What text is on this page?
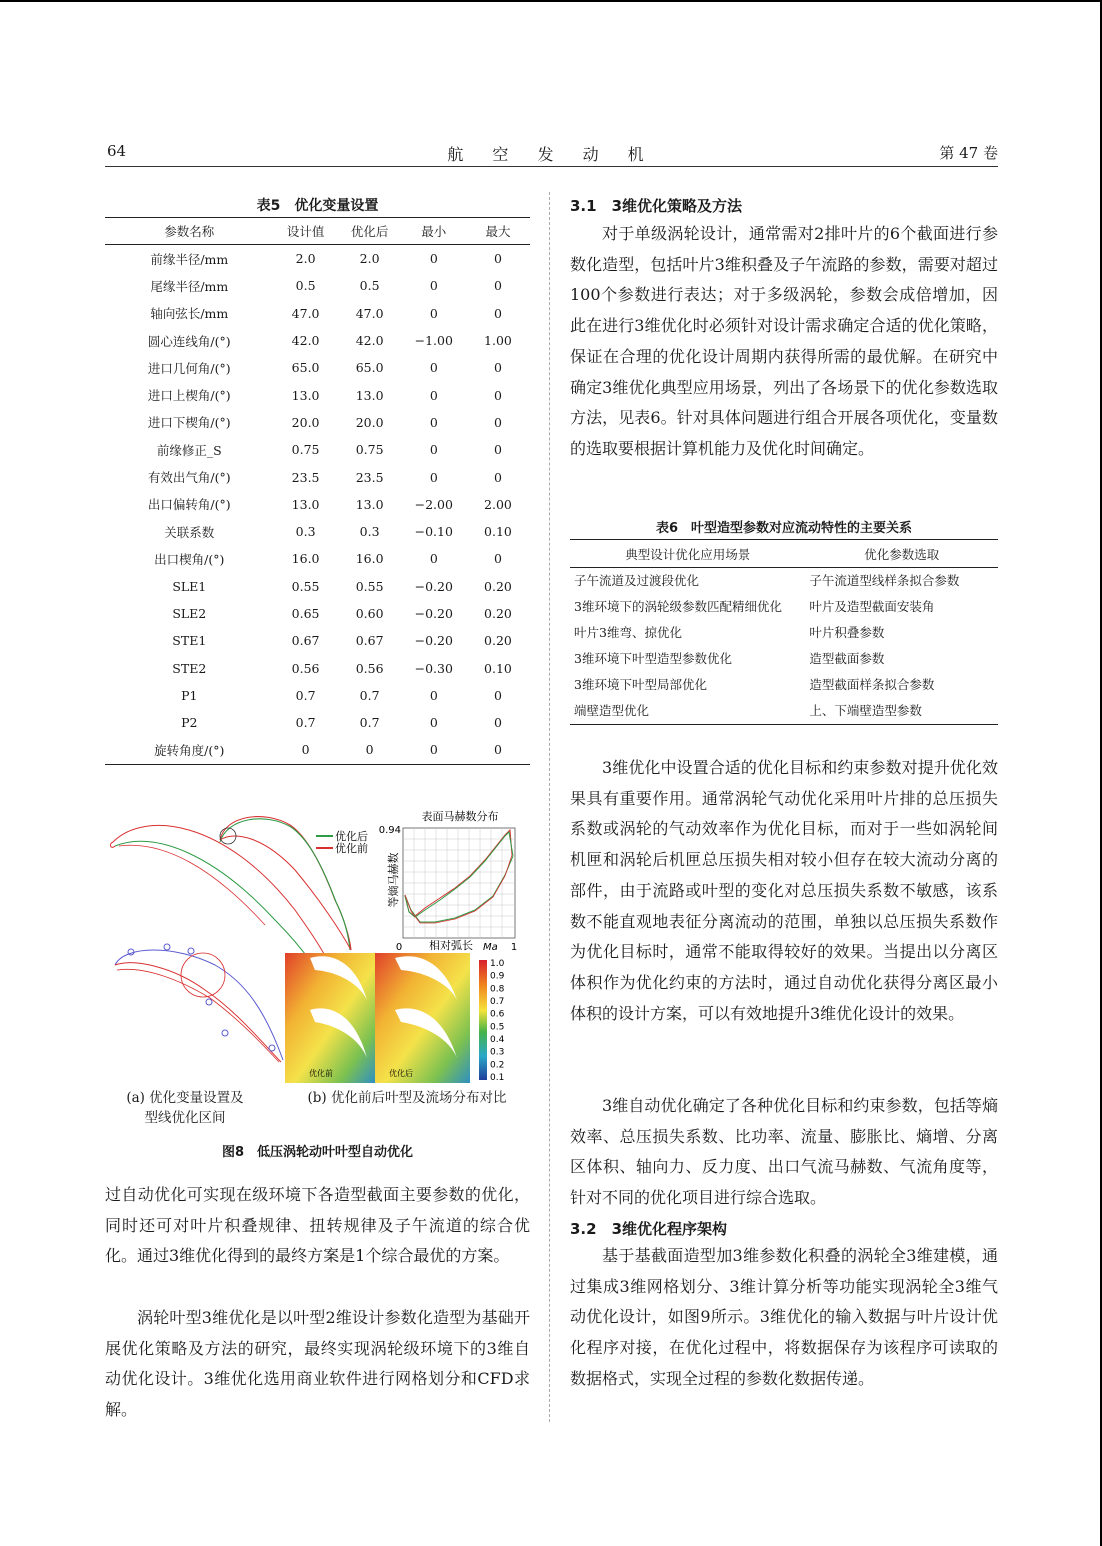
64	航 空 发 动 机	第 47 卷
表5　优化变量设置
参数名称	设计值	优化后	最小	最大
前缘半径/mm	2.0	2.0	0	0
尾缘半径/mm	0.5	0.5	0	0
轴向弦长/mm	47.0	47.0	0	0
圆心连线角/(°)	42.0	42.0	−1.00	1.00
进口几何角/(°)	65.0	65.0	0	0
进口上楔角/(°)	13.0	13.0	0	0
进口下楔角/(°)	20.0	20.0	0	0
前缘修正_S	0.75	0.75	0	0
有效出气角/(°)	23.5	23.5	0	0
出口偏转角/(°)	13.0	13.0	−2.00	2.00
关联系数	0.3	0.3	−0.10	0.10
出口楔角/(°)	16.0	16.0	0	0
SLE1	0.55	0.55	−0.20	0.20
SLE2	0.65	0.60	−0.20	0.20
STE1	0.67	0.67	−0.20	0.20
STE2	0.56	0.56	−0.30	0.10
P1	0.7	0.7	0	0
P2	0.7	0.7	0	0
旋转角度/(°)	0	0	0	0
优化后
优化前
表面马赫数分布
0.94
等熵马赫数
0 相对弧长	1
优化前	优化后
Ma
1.0
0.9
0.8
0.7
0.6
0.5
0.4
0.3
0.2
0.1
(a) 优化变量设置及
型线优化区间
(b) 优化前后叶型及流场分布对比
图8　低压涡轮动叶叶型自动优化
过自动优化可实现在级环境下各造型截面主要参数的优化，同时还可对叶片积叠规律、扭转规律及子午流道的综合优化。通过3维优化得到的最终方案是1个综合最优的方案。
涡轮叶型3维优化是以叶型2维设计参数化造型为基础开展优化策略及方法的研究，最终实现涡轮级环境下的3维自动优化设计。3维优化选用商业软件进行网格划分和CFD求解。
3.1　3维优化策略及方法
对于单级涡轮设计，通常需对2排叶片的6个截面进行参数化造型，包括叶片3维积叠及子午流路的参数，需要对超过100个参数进行表达；对于多级涡轮，参数会成倍增加，因此在进行3维优化时必须针对设计需求确定合适的优化策略，保证在合理的优化设计周期内获得所需的最优解。在研究中确定3维优化典型应用场景，列出了各场景下的优化参数选取方法，见表6。针对具体问题进行组合开展各项优化，变量数的选取要根据计算机能力及优化时间确定。
表6　叶型造型参数对应流动特性的主要关系
典型设计优化应用场景	优化参数选取
子午流道及过渡段优化	子午流道型线样条拟合参数
3维环境下的涡轮级参数匹配精细优化	叶片及造型截面安装角
叶片3维弯、掠优化	叶片积叠参数
3维环境下叶型造型参数优化	造型截面参数
3维环境下叶型局部优化	造型截面样条拟合参数
端壁造型优化	上、下端壁造型参数
3维优化中设置合适的优化目标和约束参数对提升优化效果具有重要作用。通常涡轮气动优化采用叶片排的总压损失系数或涡轮的气动效率作为优化目标，而对于一些如涡轮间机匣和涡轮后机匣总压损失相对较小但存在较大流动分离的部件，由于流路或叶型的变化对总压损失系数不敏感，该系数不能直观地表征分离流动的范围，单独以总压损失系数作为优化目标时，通常不能取得较好的效果。当提出以分离区体积作为优化约束的方法时，通过自动优化获得分离区最小体积的设计方案，可以有效地提升3维优化设计的效果。
3维自动优化确定了各种优化目标和约束参数，包括等熵效率、总压损失系数、比功率、流量、膨胀比、熵增、分离区体积、轴向力、反力度、出口气流马赫数、气流角度等，针对不同的优化项目进行综合选取。
3.2　3维优化程序架构
基于基截面造型加3维参数化积叠的涡轮全3维建模，通过集成3维网格划分、3维计算分析等功能实现涡轮全3维气动优化设计，如图9所示。3维优化的输入数据与叶片设计优化程序对接，在优化过程中，将数据保存为该程序可读取的数据格式，实现全过程的参数化数据传递。
